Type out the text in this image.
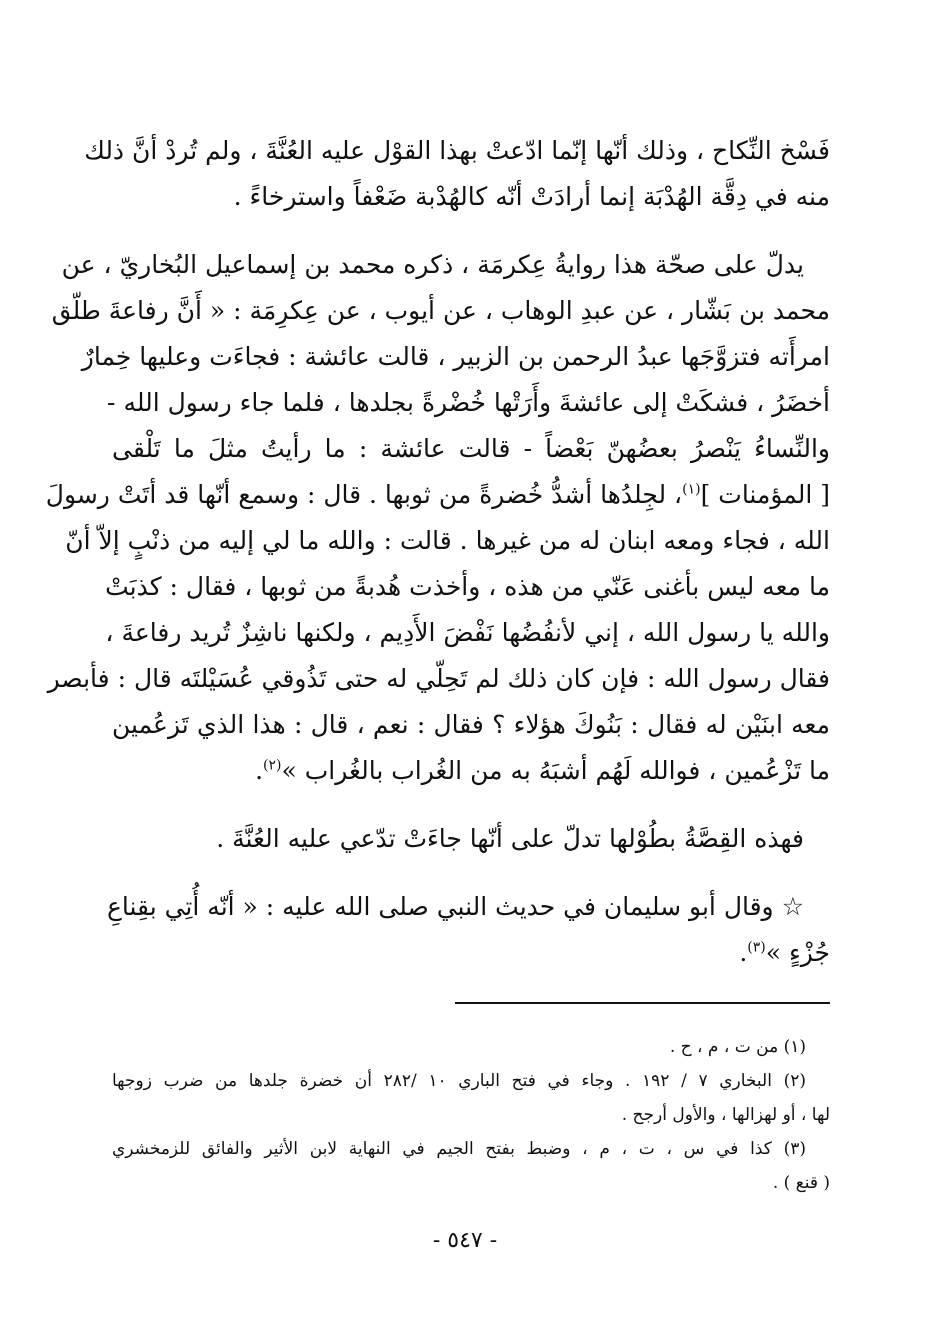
فَسْخ النِّكاح ، وذلك أنّها إنّما ادّعتْ بهذا القوْل عليه العُنَّةَ ، ولم تُردْ أنَّ ذلك
منه في دِقَّة الهُدْبَة إنما أرادَتْ أنّه كالهُدْبة ضَعْفاً واسترخاءً .
يدلّ على صحّة هذا روايةُ عِكرمَة ، ذكره محمد بن إسماعيل البُخاريّ ، عن
محمد بن بَشّار ، عن عبدِ الوهاب ، عن أيوب ، عن عِكرِمَة : « أَنَّ رفاعةَ طلّق
امرأَته فتزوَّجَها عبدُ الرحمن بن الزبير ، قالت عائشة : فجاءَت وعليها خِمارٌ
أخضَرُ ، فشكَتْ إلى عائشةَ وأَرَتْها خُضْرةً بجلدها ، فلما جاء رسول الله -
والنِّساءُ يَنْصرُ بعضُهنّ بَعْضاً - قالت عائشة : ما رأيتُ مثلَ ما تَلْقى
[ المؤمنات ]$^{(١)}$، لجِلدُها أشدُّ خُضرةً من ثوبها . قال : وسمع أنّها قد أتَتْ رسولَ
الله ، فجاء ومعه ابنان له من غيرها . قالت : والله ما لي إليه من ذنْبٍ إلاّ أنّ
ما معه ليس بأغنى عَنّي من هذه ، وأخذت هُدبةً من ثوبها ، فقال : كذبَتْ
والله يا رسول الله ، إني لأنفُضُها نَفْضَ الأَدِيم ، ولكنها ناشِزٌ تُريد رفاعةَ ،
فقال رسول الله : فإن كان ذلك لم تَحِلّي له حتى تَذُوقي عُسَيْلتَه قال : فأبصر
معه ابنَيْن له فقال : بَنُوكَ هؤلاء ؟ فقال : نعم ، قال : هذا الذي تَزعُمين
ما تَزْعُمين ، فوالله لَهُم أشبَهُ به من الغُراب بالغُراب »$^{(٢)}$.
فهذه القِصَّةُ بطُوْلها تدلّ على أنّها جاءَتْ تدّعي عليه العُنَّةَ .
☆ وقال أبو سليمان في حديث النبي صلى الله عليه : « أنّه أُتِي بقِناعِ
جُزْءٍ »$^{(٣)}$.
(١) من ت ، م ، ح .
(٢) البخاري ٧ / ١٩٢ . وجاء في فتح الباري ١٠ /٢٨٢ أن خضرة جلدها من ضرب زوجها
لها ، أو لهزالها ، والأول أرجح .
(٣) كذا في س ، ت ، م ، وضبط بفتح الجيم في النهاية لابن الأثير والفائق للزمخشري
( قنع ) .
- ٥٤٧ -
